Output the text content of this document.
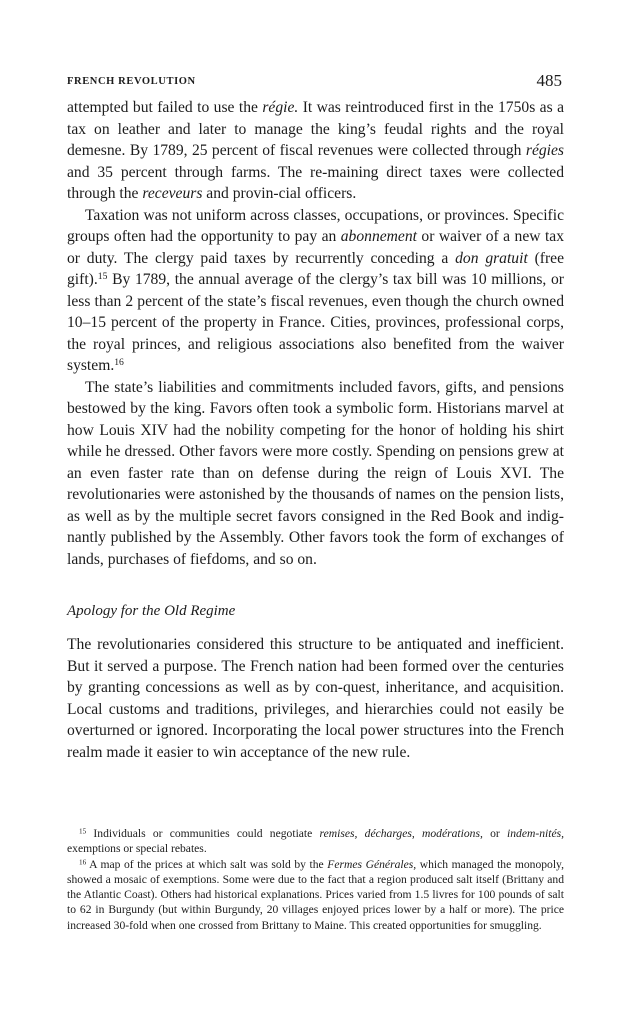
FRENCH REVOLUTION	485

attempted but failed to use the régie. It was reintroduced first in the 1750s as a tax on leather and later to manage the king’s feudal rights and the royal demesne. By 1789, 25 percent of fiscal revenues were collected through régies and 35 percent through farms. The re-maining direct taxes were collected through the receveurs and provin-cial officers.

Taxation was not uniform across classes, occupations, or provinces. Specific groups often had the opportunity to pay an abonnement or waiver of a new tax or duty. The clergy paid taxes by recurrently conceding a don gratuit (free gift).$^{15}$ By 1789, the annual average of the clergy’s tax bill was 10 millions, or less than 2 percent of the state’s fiscal revenues, even though the church owned 10–15 percent of the property in France. Cities, provinces, professional corps, the royal princes, and religious associations also benefited from the waiver system.$^{16}$

The state’s liabilities and commitments included favors, gifts, and pensions bestowed by the king. Favors often took a symbolic form. Historians marvel at how Louis XIV had the nobility competing for the honor of holding his shirt while he dressed. Other favors were more costly. Spending on pensions grew at an even faster rate than on defense during the reign of Louis XVI. The revolutionaries were astonished by the thousands of names on the pension lists, as well as by the multiple secret favors consigned in the Red Book and indig-nantly published by the Assembly. Other favors took the form of exchanges of lands, purchases of fiefdoms, and so on.

Apology for the Old Regime

The revolutionaries considered this structure to be antiquated and inefficient. But it served a purpose. The French nation had been formed over the centuries by granting concessions as well as by con-quest, inheritance, and acquisition. Local customs and traditions, privileges, and hierarchies could not easily be overturned or ignored. Incorporating the local power structures into the French realm made it easier to win acceptance of the new rule.

$^{15}$ Individuals or communities could negotiate remises, décharges, modérations, or indem-nités, exemptions or special rebates.

$^{16}$ A map of the prices at which salt was sold by the Fermes Générales, which managed the monopoly, showed a mosaic of exemptions. Some were due to the fact that a region produced salt itself (Brittany and the Atlantic Coast). Others had historical explanations. Prices varied from 1.5 livres for 100 pounds of salt to 62 in Burgundy (but within Burgundy, 20 villages enjoyed prices lower by a half or more). The price increased 30-fold when one crossed from Brittany to Maine. This created opportunities for smuggling.
